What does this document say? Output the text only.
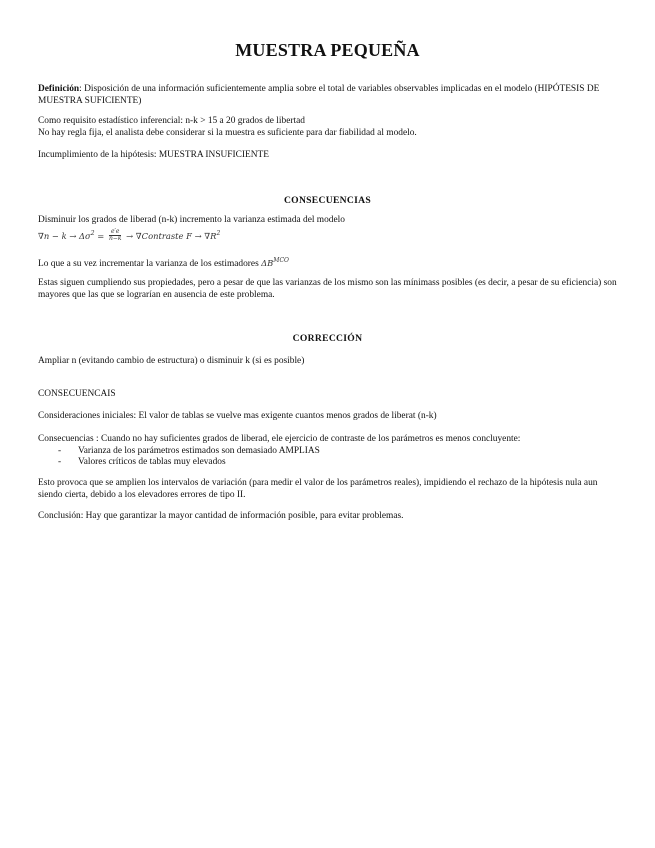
MUESTRA PEQUEÑA
Definición: Disposición de una información suficientemente amplia sobre el total de variables observables implicadas en el modelo (HIPÓTESIS DE MUESTRA SUFICIENTE)
Como requisito estadístico inferencial: n-k > 15 a 20 grados de libertad
No hay regla fija, el analista debe considerar si la muestra es suficiente para dar fiabilidad al modelo.
Incumplimiento de la hipótesis: MUESTRA INSUFICIENTE
CONSECUENCIAS
Disminuir los grados de liberad (n-k) incremento la varianza estimada del modelo
$\nabla n - k \to \Delta\sigma^2 = \frac{e'e}{n-k}$ → ∇Contraste $F \to \nabla R^2$
Lo que a su vez incrementar la varianza de los estimadores $\Delta B^{MCO}$
Estas siguen cumpliendo sus propiedades, pero a pesar de que las varianzas de los mismo son las mínimass posibles (es decir, a pesar de su eficiencia) son mayores que las que se lograrían en ausencia de este problema.
CORRECCIÓN
Ampliar n (evitando cambio de estructura) o disminuir k (si es posible)
CONSECUENCAIS
Consideraciones iniciales: El valor de tablas se vuelve mas exigente cuantos menos grados de liberat (n-k)
Consecuencias : Cuando no hay suficientes grados de liberad, ele ejercicio de contraste de los parámetros es menos concluyente:
- Varianza de los parámetros estimados son demasiado AMPLIAS
- Valores críticos de tablas muy elevados
Esto provoca que se amplien los intervalos de variación (para medir el valor de los parámetros reales), impidiendo el rechazo de la hipótesis nula aun siendo cierta, debido a los elevadores errores de tipo II.
Conclusión: Hay que garantizar la mayor cantidad de información posible, para evitar problemas.
